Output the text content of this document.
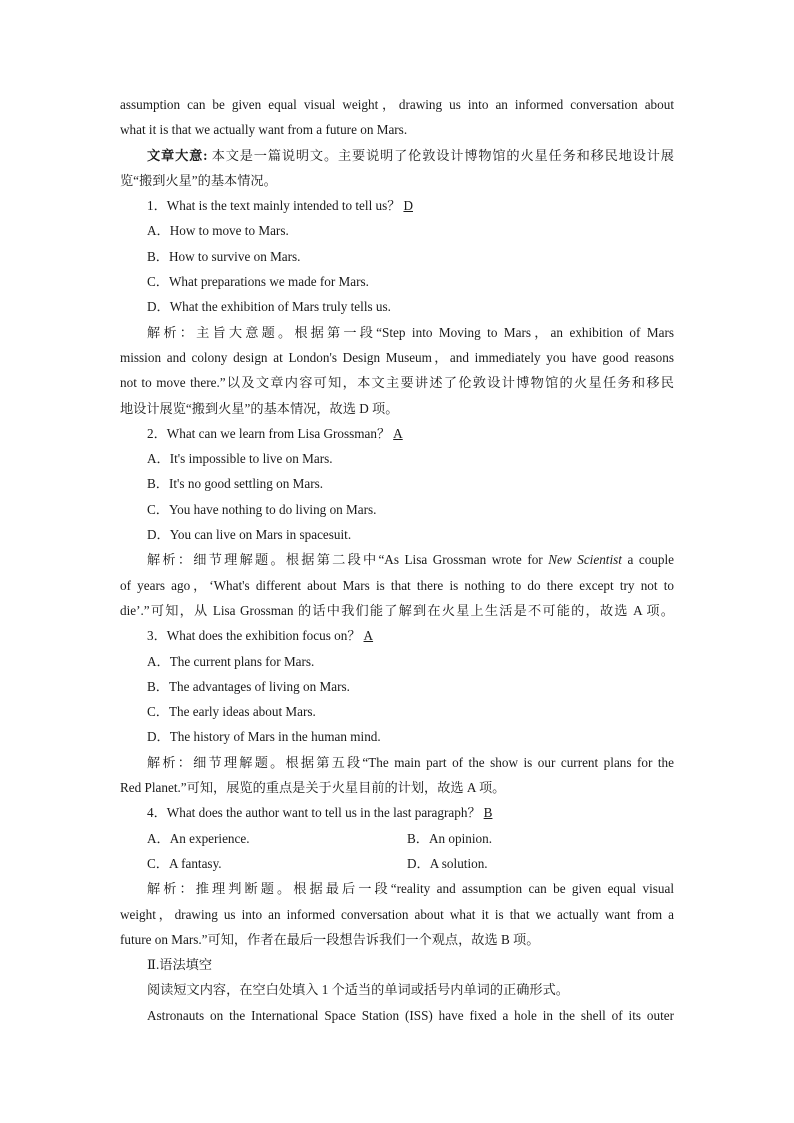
assumption can be given equal visual weight，drawing us into an informed conversation about
what it is that we actually want from a future on Mars.
文章大意: 本文是一篇说明文。主要说明了伦敦设计博物馆的火星任务和移民地设计展
览“搬到火星”的基本情况。
1．What is the text mainly intended to tell us？ D
A．How to move to Mars.
B．How to survive on Mars.
C．What preparations we made for Mars.
D．What the exhibition of Mars truly tells us.
解析：主旨大意题。根据第一段“Step into Moving to Mars，an exhibition of Mars
mission and colony design at London's Design Museum，and immediately you have good reasons
not to move there.”以及文章内容可知，本文主要讲述了伦敦设计博物馆的火星任务和移民
地设计展览“搬到火星”的基本情况，故选 D 项。
2．What can we learn from Lisa Grossman？ A
A．It's impossible to live on Mars.
B．It's no good settling on Mars.
C．You have nothing to do living on Mars.
D．You can live on Mars in spacesuit.
解析：细节理解题。根据第二段中“As Lisa Grossman wrote for New Scientist a couple
of years ago，‘What's different about Mars is that there is nothing to do there except try not to
die’.”可知，从 Lisa Grossman 的话中我们能了解到在火星上生活是不可能的，故选 A 项。
3．What does the exhibition focus on？ A
A．The current plans for Mars.
B．The advantages of living on Mars.
C．The early ideas about Mars.
D．The history of Mars in the human mind.
解析：细节理解题。根据第五段“The main part of the show is our current plans for the
Red Planet.”可知，展览的重点是关于火星目前的计划，故选 A 项。
4．What does the author want to tell us in the last paragraph？ B
A．An experience.	B．An opinion.
C．A fantasy.	D．A solution.
解析：推理判断题。根据最后一段“reality and assumption can be given equal visual
weight，drawing us into an informed conversation about what it is that we actually want from a
future on Mars.”可知，作者在最后一段想告诉我们一个观点，故选 B 项。
Ⅱ.语法填空
阅读短文内容，在空白处填入 1 个适当的单词或括号内单词的正确形式。
Astronauts on the International Space Station (ISS) have fixed a hole in the shell of its outer
